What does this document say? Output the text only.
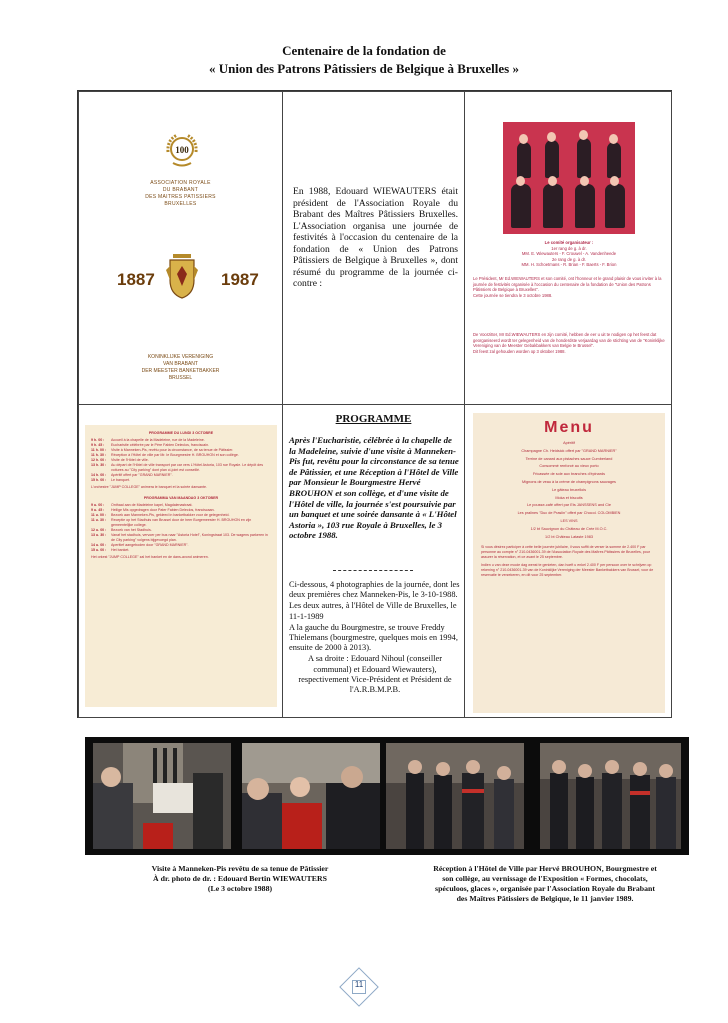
Centenaire de la fondation de
« Union des Patrons Pâtissiers de Belgique à Bruxelles »
100
ASSOCIATION ROYALE
DU BRABANT
DES MAITRES PATISSIERS
BRUXELLES
1887	1987
KONINKLIJKE VERENIGING
VAN BRABANT
DER MEESTER BANKETBAKKER
BRUSSEL
En 1988, Edouard WIEWAUTERS était président de l'Association Royale du Brabant des Maîtres Pâtissiers Bruxelles. L'Association organisa une journée de festivités à l'occasion du centenaire de la fondation de « Union des Patrons Pâtissiers de Belgique à Bruxelles », dont résumé du programme de la journée ci-contre :
Le comité organisateur :
1er rang de g. à dr.
MM. E. Wiewauters - F. Crouwel - A. Vandenheede
2e rang de g. à dr.
MM. H. Schoetmans - R. Brian - F. Baerts - F. Brion
Le Président, Mr Ed.WIEWAUTERS et son comité, ont l'honneur et le grand plaisir de vous inviter à la journée de festivités organisée à l'occasion du centenaire de la fondation de "Union des Patrons Pâtissiers de Belgique à Bruxelles".
Cette journée se tiendra le 3 octobre 1988.
De Voorzitter, Mr Ed.WIEWAUTERS en zijn comité, hebben de eer u uit te nodigen op het feest dat georganiseerd wordt ter gelegenheid van de honderdste verjaardag van de stichting van de "Koninklijke Vereniging van de Meester Gebakbakkers van Belgie te Brussel".
Dit feest zal gehouden worden op 3 oktober 1988.
PROGRAMME DU LUNDI 3 OCTOBRE
9 h. 00 :	Accueil à la chapelle de la Madeleine, rue de la Madeleine.
9 h. 45 :	Eucharistie célébrée par le Père Fabien Deleclos, franciscain.
11 h. 00 :	Visite à Manneken-Pis, revêtu pour la circonstance, de sa tenue de Pâtissier.
11 h. 30 :	Réception à l'Hôtel de ville par Mr. le Bourgmestre H. BROUHON et son collège.
12 h. 00 :	Visite de l'Hôtel de ville.
13 h. 30 :	Au départ de l'Hôtel de ville transport par car vers L'Hôtel Astoria, 103 rue Royale. Le dépôt des voitures au "City parking" dont plan ci-joint est conseillé.
14 h. 00 :	Apéritif offert par "GRAND MARNIER".
15 h. 00 :	Le banquet.
L'orchestre "JUMP COLLEGE" animera le banquet et la soirée dansante.
PROGRAMMA VAN MAANDAG 3 OKTOBER
9 u. 00 :	Onthaal aan de Madeleine kapel, Magdalenastraat.
9 u. 45 :	Heilige Mis opgedragen door Pater Fabien Deleclos, franciscaan.
11 u. 00 :	Bezoek aan Manneken-Pis, gekleed in banketbakker voor de gelegenheid.
11 u. 30 :	Receptie op het Stadhuis van Brussel door de heer Burgemeester H. BROUHON en zijn gemeentelijke college.
12 u. 00 :	Bezoek van het Stadhuis.
13 u. 30 :	Vanaf het stadhuis, vervoer per bus naar "Astoria Hotel", Koningstraat 103. De wagens parkeren in de City parking" volgens bijgevoegd plan.
14 u. 00 :	Aperitief aangeboden door "GRAND MARNIER".
15 u. 00 :	Het banket.
Het orkest "JUMP COLLEGE" zal het banket en de dans-avond animeren.
PROGRAMME
Après l'Eucharistie, célébrée à la chapelle de la Madeleine, suivie d'une visite à Manneken-Pis fut, revêtu pour la circonstance de sa tenue de Pâtissier, et une Réception à l'Hôtel de Ville par Monsieur le Bourgmestre Hervé BROUHON et son collège, et d'une visite de l'Hôtel de ville, la journée s'est poursuivie par un banquet et une soirée dansante à « L'Hôtel Astoria », 103 rue Royale à Bruxelles, le 3 octobre 1988.

Ci-dessous, 4 photographies de la journée, dont les deux premières chez Manneken-Pis, le 3-10-1988.

Les deux autres, à l'Hôtel de Ville de Bruxelles, le 11-1-1989

A la gauche du Bourgmestre, se trouve Freddy Thielemans (bourgmestre, quelques mois en 1994, ensuite de 2000 à 2013).

A sa droite : Edouard Nihoul (conseiller communal) et Edouard Wiewauters), respectivement Vice-Président et Président de l'A.R.B.M.P.B.

Menu
Apéritif
Champagne Ch. Heidsick offert par "GRAND MARNIER"
Terrine de canard aux pistaches sauce Cumberland
Consommé renforcé au vieux porto
Fricassée de sole aux branches d'épinards
Mignons de veau à la crème de champignons sauvages
Le gâteau bruxellois
Moka et biscuits
Le pousse-café offert par Ets JANSSENS and Cie
Les pralines "Duc de Praslin" offert par Chocol. COLOMBIEN
LES VINS
1/2 bt Sauvignon du Château de Crée M.O.C.
1/2 bt Château Lataste 1983
Si vous désirez participer à cette belle journée jubilaire, il vous suffit de verser la somme de 2.400 F par personne au compte n° 210-0436001-39 de l'Association Royale des Maîtres Pâtissiers de Bruxelles, pour assurer la réservation, et ce avant le 25 septembre.
Indien u van deze mooie dag wenst te genieten, dan hoeft u enkel 2.400 F per persoon over te schrijven op rekening n° 210-0436001-39 van de Koninklijke Vereniging der Meester Banketbakkers van Brussel, voor de reservatie te verzekeren, en dit voor 25 september.
Visite à Manneken-Pis revêtu de sa tenue de Pâtissier
À dr. photo de dr. : Edouard Bertin WIEWAUTERS
(Le 3 octobre 1988)
Réception à l'Hôtel de Ville par Hervé BROUHON, Bourgmestre et
son collège, au vernissage de l'Exposition « Formes, chocolats,
spéculoos, glaces », organisée par l'Association Royale du Brabant
des Maîtres Pâtissiers de Belgique, le 11 janvier 1989.
11
